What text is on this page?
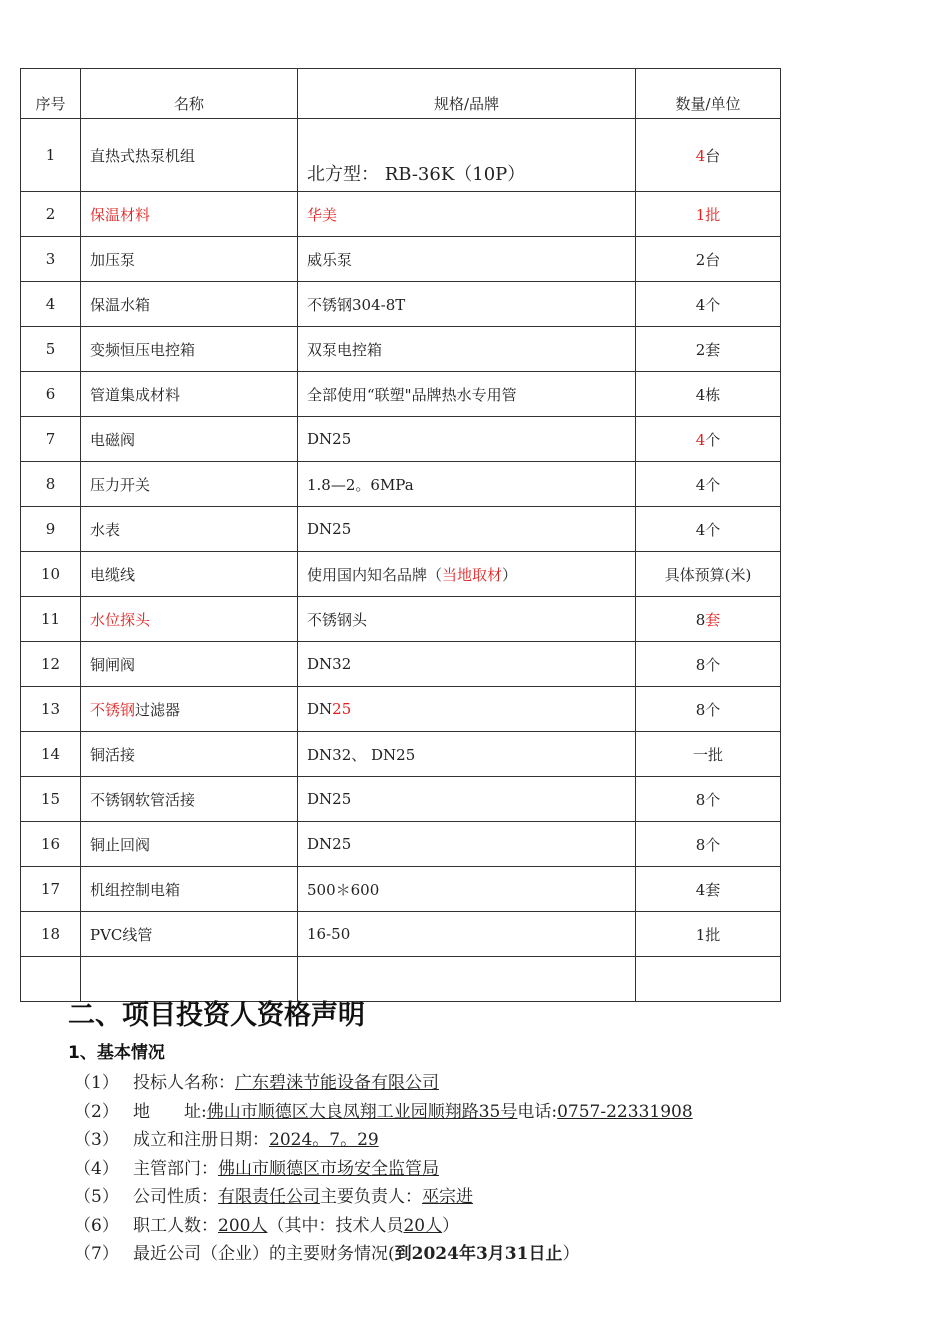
序号	名称	规格/品牌	数量/单位
1	直热式热泵机组	北方型： RB-36K（10P）	4台
2	保温材料	华美	1批
3	加压泵	威乐泵	2台
4	保温水箱	不锈钢304-8T	4个
5	变频恒压电控箱	双泵电控箱	2套
6	管道集成材料	全部使用“联塑"品牌热水专用管	4栋
7	电磁阀	DN25	4个
8	压力开关	1.8—2。6MPa	4个
9	水表	DN25	4个
10	电缆线	使用国内知名品牌（当地取材）	具体预算(米)
11	水位探头	不锈钢头	8套
12	铜闸阀	DN32	8个
13	不锈钢过滤器	DN25	8个
14	铜活接	DN32、 DN25	一批
15	不锈钢软管活接	DN25	8个
16	铜止回阀	DN25	8个
17	机组控制电箱	500＊600	4套
18	PVC线管	16-50	1批

二、项目投资人资格声明
1、基本情况
（1） 投标人名称：广东碧涞节能设备有限公司
（2） 地　　址:佛山市顺德区大良凤翔工业园顺翔路35号电话:0757-22331908
（3） 成立和注册日期：2024。7。29
（4） 主管部门：佛山市顺德区市场安全监管局
（5） 公司性质：有限责任公司主要负责人：巫宗进
（6） 职工人数：200人（其中：技术人员20人）
（7） 最近公司（企业）的主要财务情况(到2024年3月31日止）
